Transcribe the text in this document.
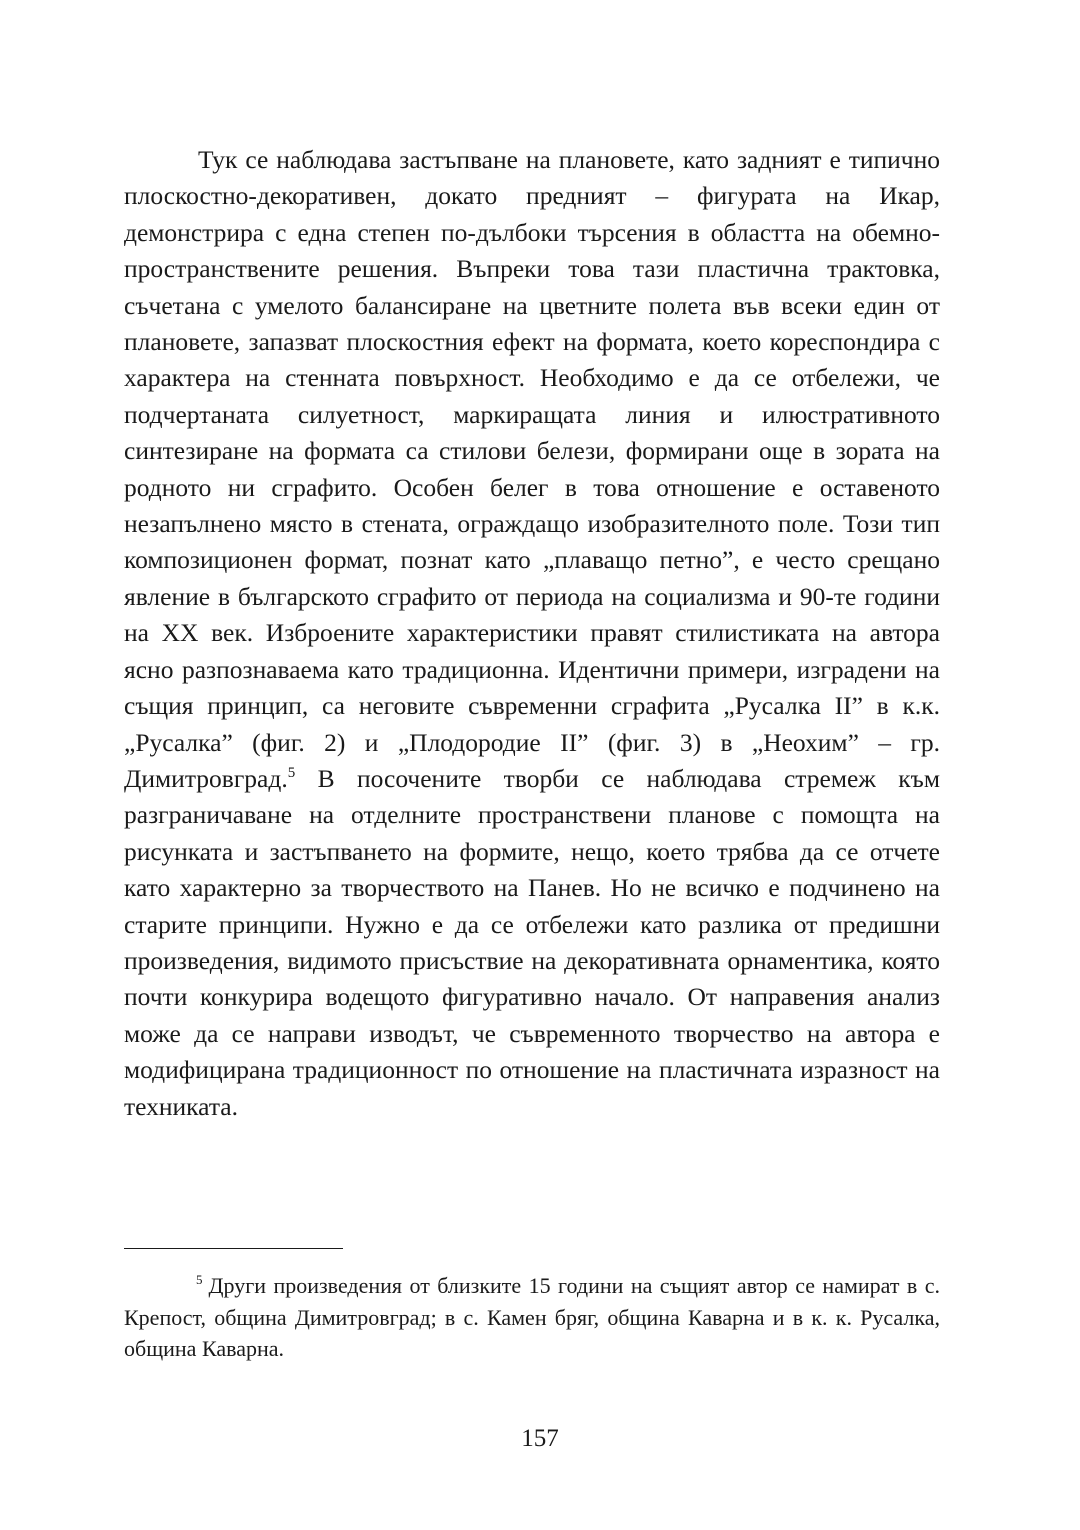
Тук се наблюдава застъпване на плановете, като задният е типично плоскостно-декоративен, докато предният – фигурата на Икар, демонстрира с една степен по-дълбоки търсения в областта на обемно-пространствените решения. Въпреки това тази пластична трактовка, съчетана с умелото балансиране на цветните полета във всеки един от плановете, запазват плоскостния ефект на формата, което кореспондира с характера на стенната повърхност. Необходимо е да се отбележи, че подчертаната силуетност, маркиращата линия и илюстративното синтезиране на формата са стилови белези, формирани още в зората на родното ни сграфито. Особен белег в това отношение е оставеното незапълнено място в стената, ограждащо изобразителното поле. Този тип композиционен формат, познат като „плаващо петно”, е често срещано явление в българското сграфито от периода на социализма и 90-те години на XX век. Изброените характеристики правят стилистиката на автора ясно разпознаваема като традиционна. Идентични примери, изградени на същия принцип, са неговите съвременни сграфита „Русалка II” в к.к. „Русалка” (фиг. 2) и „Плодородие II” (фиг. 3) в „Неохим” – гр. Димитровград.$^5$ В посочените творби се наблюдава стремеж към разграничаване на отделните пространствени планове с помощта на рисунката и застъпването на формите, нещо, което трябва да се отчете като характерно за творчеството на Панев. Но не всичко е подчинено на старите принципи. Нужно е да се отбележи като разлика от предишни произведения, видимото присъствие на декоративната орнаментика, която почти конкурира водещото фигуративно начало. От направения анализ може да се направи изводът, че съвременното творчество на автора е модифицирана традиционност по отношение на пластичната изразност на техниката.

$^5$ Други произведения от близките 15 години на същият автор се намират в с. Крепост, община Димитровград; в с. Камен бряг, община Каварна и в к. к. Русалка, община Каварна.

157
